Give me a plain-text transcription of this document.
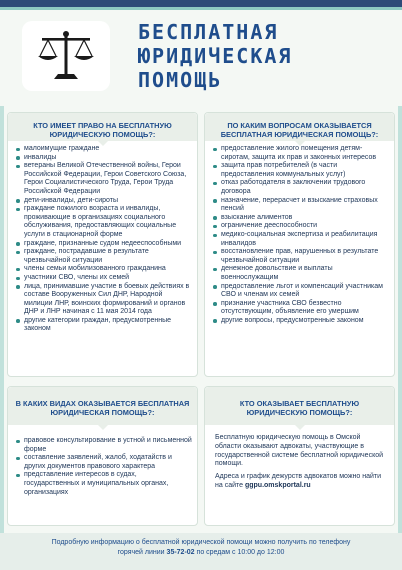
БЕСПЛАТНАЯ
ЮРИДИЧЕСКАЯ
ПОМОЩЬ
КТО ИМЕЕТ ПРАВО НА БЕСПЛАТНУЮ ЮРИДИЧЕСКУЮ ПОМОЩЬ?:
малоимущие граждане
инвалиды
ветераны Великой Отечественной войны, Герои Российской Федерации, Герои Советского Союза, Герои Социалистического Труда, Герои Труда Российской Федерации
дети-инвалиды, дети-сироты
граждане пожилого возраста и инвалиды, проживающие в организациях социального обслуживания, предоставляющих социальные услуги в стационарной форме
граждане, признанные судом недееспособными
граждане, пострадавшие в результате чрезвычайной ситуации
члены семьи мобилизованного гражданина
участники СВО, члены их семей
лица, принимавшие участие в боевых действиях в составе Вооруженных Сил ДНР, Народной милиции ЛНР, воинских формирований и органов ДНР и ЛНР начиная с 11 мая 2014 года
другие категории граждан, предусмотренные законом
ПО КАКИМ ВОПРОСАМ ОКАЗЫВАЕТСЯ БЕСПЛАТНАЯ ЮРИДИЧЕСКАЯ ПОМОЩЬ?:
предоставление жилого помещения детям-сиротам, защита их прав и законных интересов
защита прав потребителей (в части предоставления коммунальных услуг)
отказ работодателя в заключении трудового договора
назначение, перерасчет и взыскание страховых пенсий
взыскание алиментов
ограничение дееспособности
медико-социальная экспертиза и реабилитация инвалидов
восстановление прав, нарушенных в результате чрезвычайной ситуации
денежное довольствие и выплаты военнослужащим
предоставление льгот и компенсаций участникам СВО и членам их семей
признание участника СВО безвестно отсутствующим, объявление его умершим
другие вопросы, предусмотренные законом
В КАКИХ ВИДАХ ОКАЗЫВАЕТСЯ БЕСПЛАТНАЯ ЮРИДИЧЕСКАЯ ПОМОЩЬ?:
правовое консультирование в устной и письменной форме
составление заявлений, жалоб, ходатайств и других документов правового характера
представление интересов в судах, государственных и муниципальных органах, организациях
КТО ОКАЗЫВАЕТ БЕСПЛАТНУЮ ЮРИДИЧЕСКУЮ ПОМОЩЬ?:
Бесплатную юридическую помощь в Омской области оказывают адвокаты, участвующие в государственной системе бесплатной юридической помощи.
Адреса и график дежурств адвокатов можно найти на сайте ggpu.omskportal.ru
Подробную информацию о бесплатной юридической помощи можно получить по телефону
горячей линии 35-72-02 по средам с 10:00 до 12:00
